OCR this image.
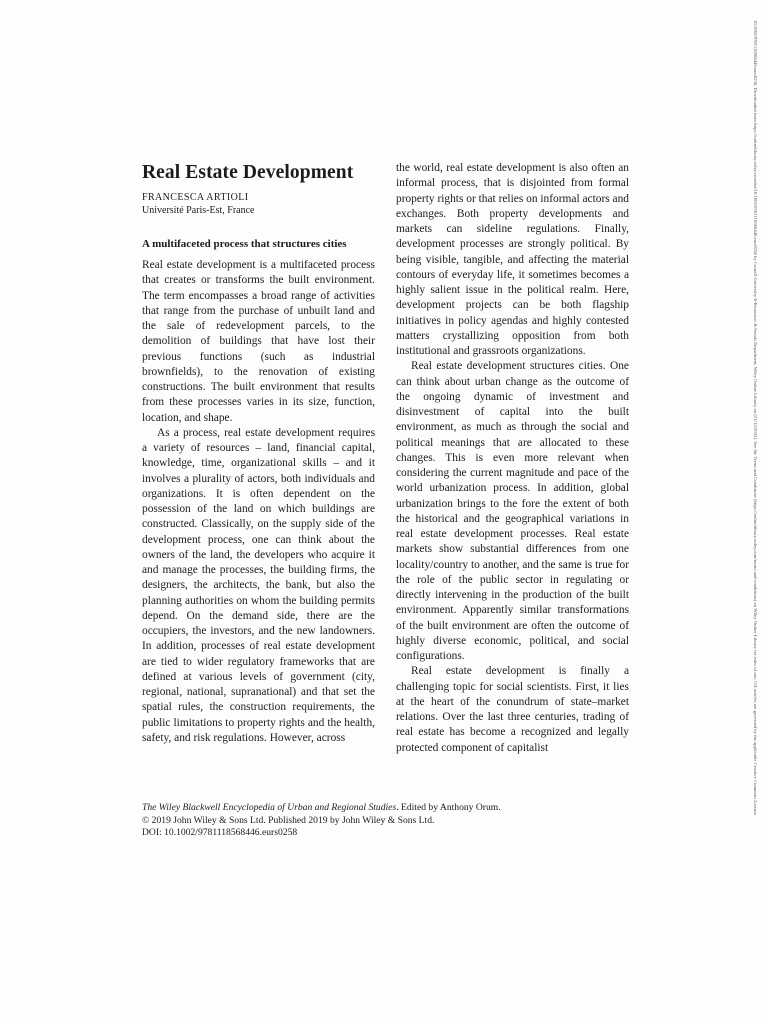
Real Estate Development
FRANCESCA ARTIOLI
Université Paris-Est, France
A multifaceted process that structures cities

Real estate development is a multifaceted process that creates or transforms the built environment. The term encompasses a broad range of activities that range from the purchase of unbuilt land and the sale of redevelopment parcels, to the demolition of buildings that have lost their previous functions (such as industrial brownfields), to the renovation of existing constructions. The built environment that results from these processes varies in its size, function, location, and shape.

As a process, real estate development requires a variety of resources – land, financial capital, knowledge, time, organizational skills – and it involves a plurality of actors, both individuals and organizations. It is often dependent on the possession of the land on which buildings are constructed. Classically, on the supply side of the development process, one can think about the owners of the land, the developers who acquire it and manage the processes, the building firms, the designers, the architects, the bank, but also the planning authorities on whom the building permits depend. On the demand side, there are the occupiers, the investors, and the new landowners. In addition, processes of real estate development are tied to wider regulatory frameworks that are defined at various levels of government (city, regional, national, supranational) and that set the spatial rules, the construction requirements, the public limitations to property rights and the health, safety, and risk regulations. However, across

the world, real estate development is also often an informal process, that is disjointed from formal property rights or that relies on informal actors and exchanges. Both property developments and markets can sideline regulations. Finally, development processes are strongly political. By being visible, tangible, and affecting the material contours of everyday life, it sometimes becomes a highly salient issue in the political realm. Here, development projects can be both flagship initiatives in policy agendas and highly contested matters crystallizing opposition from both institutional and grassroots organizations.

Real estate development structures cities. One can think about urban change as the outcome of the ongoing dynamic of investment and disinvestment of capital into the built environment, as much as through the social and political meanings that are allocated to these changes. This is even more relevant when considering the current magnitude and pace of the world urbanization process. In addition, global urbanization brings to the fore the extent of both the historical and the geographical variations in real estate development processes. Real estate markets show substantial differences from one locality/country to another, and the same is true for the role of the public sector in regulating or directly intervening in the production of the built environment. Apparently similar transformations of the built environment are often the outcome of highly diverse economic, political, and social configurations.

Real estate development is finally a challenging topic for social scientists. First, it lies at the heart of the conundrum of state–market relations. Over the last three centuries, trading of real estate has become a recognized and legally protected component of capitalist

The Wiley Blackwell Encyclopedia of Urban and Regional Studies. Edited by Anthony Orum.
© 2019 John Wiley & Sons Ltd. Published 2019 by John Wiley & Sons Ltd.
DOI: 10.1002/9781118568446.eurs0258
10.1002/9781118568446.eurs0258, Downloaded from https://onlinelibrary.wiley.com/doi/10.1002/9781118568446.eurs0258 by Cornell University E-Resources & Serials Department, Wiley Online Library on [21/12/2022]. See the Terms and Conditions (https://onlinelibrary.wiley.com/terms-and-conditions) on Wiley Online Library for rules of use; OA articles are governed by the applicable Creative Commons License
